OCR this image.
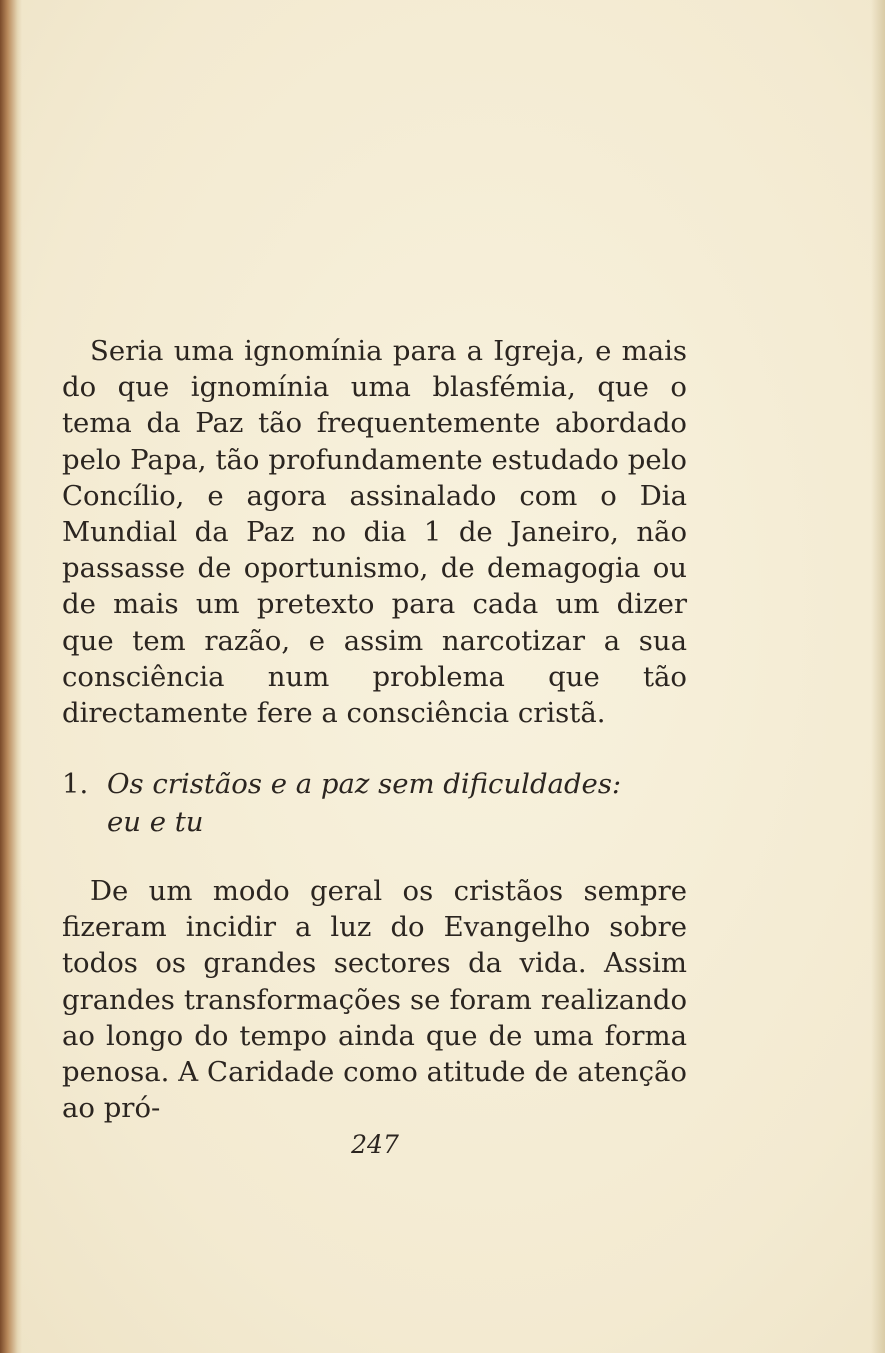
Seria uma ignomínia para a Igreja, e mais do que ignomínia uma blasfémia, que o tema da Paz tão frequentemente abordado pelo Papa, tão profundamente estudado pelo Concílio, e agora assinalado com o Dia Mundial da Paz no dia 1 de Janeiro, não passasse de oportunismo, de demagogia ou de mais um pretexto para cada um dizer que tem razão, e assim narcotizar a sua consciência num problema que tão directamente fere a consciência cristã.

1. Os cristãos e a paz sem dificuldades:
eu e tu

De um modo geral os cristãos sempre fizeram incidir a luz do Evangelho sobre todos os grandes sectores da vida. Assim grandes transformações se foram realizando ao longo do tempo ainda que de uma forma penosa. A Caridade como atitude de atenção ao pró-

247
